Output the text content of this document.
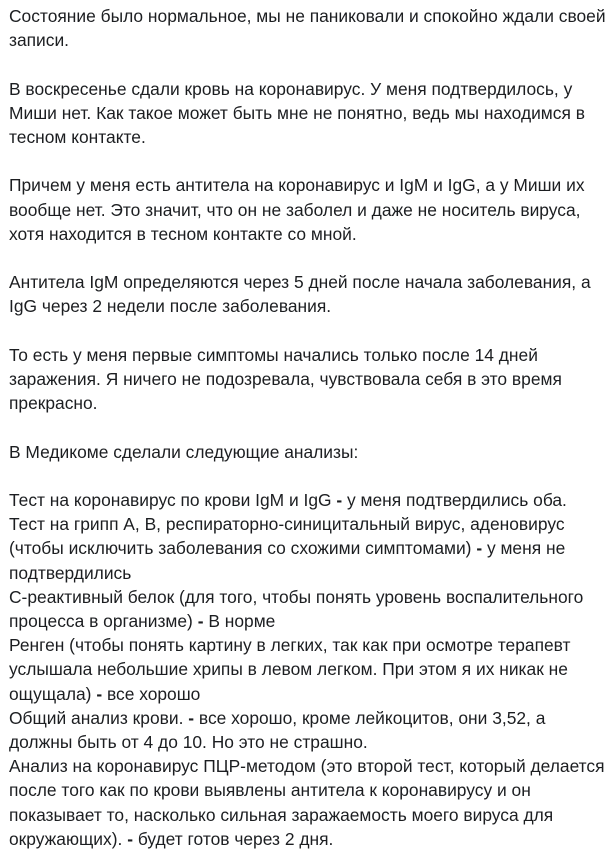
Состояние было нормальное, мы не паниковали и спокойно ждали своей записи.

В воскресенье сдали кровь на коронавирус. У меня подтвердилось, у Миши нет. Как такое может быть мне не понятно, ведь мы находимся в тесном контакте.

Причем у меня есть антитела на коронавирус и IgM и IgG, а у Миши их вообще нет. Это значит, что он не заболел и даже не носитель вируса, хотя находится в тесном контакте со мной.

Антитела IgM определяются через 5 дней после начала заболевания, а IgG через 2 недели после заболевания.

То есть у меня первые симптомы начались только после 14 дней заражения. Я ничего не подозревала, чувствовала себя в это время прекрасно.

В Медикоме сделали следующие анализы:

Тест на коронавирус по крови IgM и IgG - у меня подтвердились оба.

Тест на грипп А, В, респираторно-синицитальный вирус, аденовирус (чтобы исключить заболевания со схожими симптомами) - у меня не подтвердились

С-реактивный белок (для того, чтобы понять уровень воспалительного процесса в организме) - В норме

Ренген (чтобы понять картину в легких, так как при осмотре терапевт услышала небольшие хрипы в левом легком. При этом я их никак не ощущала) - все хорошо

Общий анализ крови. - все хорошо, кроме лейкоцитов, они 3,52, а должны быть от 4 до 10. Но это не страшно.

Анализ на коронавирус ПЦР-методом (это второй тест, который делается после того как по крови выявлены антитела к коронавирусу и он показывает то, насколько сильная заражаемость моего вируса для окружающих). - будет готов через 2 дня.
